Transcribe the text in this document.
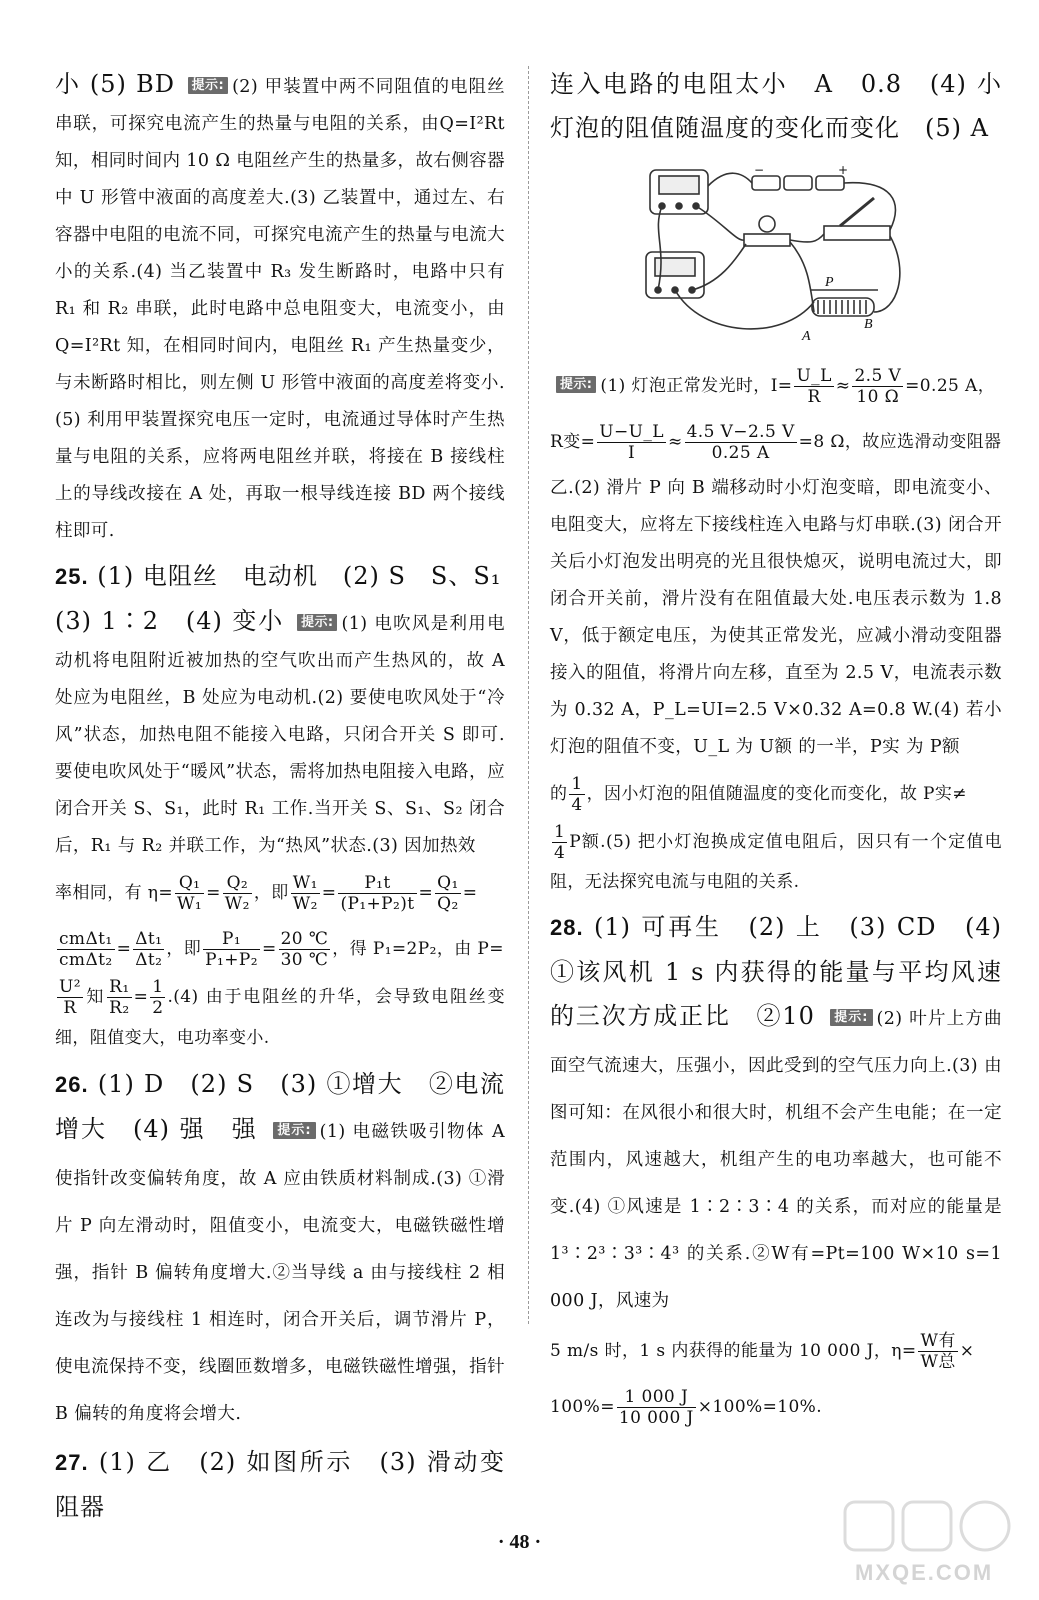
小 (5) BD 提示: (2) 甲装置中两不同阻值的电阻丝串联，可探究电流产生的热量与电阻的关系，由Q=I²Rt 知，相同时间内 10 Ω 电阻丝产生的热量多，故右侧容器中 U 形管中液面的高度差大.(3) 乙装置中，通过左、右容器中电阻的电流不同，可探究电流产生的热量与电流大小的关系.(4) 当乙装置中 R₃ 发生断路时，电路中只有 R₁ 和 R₂ 串联，此时电路中总电阻变大，电流变小，由 Q=I²Rt 知，在相同时间内，电阻丝 R₁ 产生热量变少，与未断路时相比，则左侧 U 形管中液面的高度差将变小.(5) 利用甲装置探究电压一定时，电流通过导体时产生热量与电阻的关系，应将两电阻丝并联，将接在 B 接线柱上的导线改接在 A 处，再取一根导线连接 BD 两个接线柱即可.

25. (1) 电阻丝　电动机　(2) S　S、S₁

(3) 1∶2　(4) 变小 提示: (1) 电吹风是利用电动机将电阻附近被加热的空气吹出而产生热风的，故 A 处应为电阻丝，B 处应为电动机.(2) 要使电吹风处于“冷风”状态，加热电阻不能接入电路，只闭合开关 S 即可.要使电吹风处于“暖风”状态，需将加热电阻接入电路，应闭合开关 S、S₁，此时 R₁ 工作.当开关 S、S₁、S₂ 闭合后，R₁ 与 R₂ 并联工作，为“热风”状态.(3) 因加热效

率相同，有 $\eta= \frac{\text{Q₁}}{\text{W₁}} = \frac{\text{Q₂}}{\text{W₂}}$ ，即 $\frac{\text{W₁}}{\text{W₂}} = \frac{\text{P₁t}}{\text{(P₁+P₂)t}} = \frac{\text{Q₁}}{\text{Q₂}}$ =

$\frac{\text{cmΔt₁}}{\text{cmΔt₂}} = \frac{\text{Δt₁}}{\text{Δt₂}}$ ，即 $\frac{\text{P₁}}{\text{P₁+P₂}} = \frac{20 ℃}{30 ℃}$ ，得 P₁=2P₂，由 P=

$\frac{\text{U²}}{R}$ 知 $\frac{\text{R₁}}{\text{R₂}} = \frac{1}{2} .(4)$ 由于电阻丝的升华，会导致电阻丝变细，阻值变大，电功率变小.

26. (1) D　(2) S　(3) ①增大　②电流　增大　(4) 强　强 提示: (1) 电磁铁吸引物体 A 使指针改变偏转角度，故 A 应由铁质材料制成.(3) ①滑片 P 向左滑动时，阻值变小，电流变大，电磁铁磁性增强，指针 B 偏转角度增大.②当导线 a 由与接线柱 2 相连改为与接线柱 1 相连时，闭合开关后，调节滑片 P，使电流保持不变，线圈匝数增多，电磁铁磁性增强，指针 B 偏转的角度将会增大.

27. (1) 乙　(2) 如图所示　(3) 滑动变阻器

连入电路的电阻太小　A　0.8　(4) 小灯泡的阻值随温度的变化而变化　(5) A

P
A
B
−	+

提示: (1) 灯泡正常发光时，$I= \frac{U\_L}{R} \approx \frac{2.5 V}{10 \Omega} =0.25$ A，

R变= $\frac{U-U\_L}{I} \approx \frac{4.5 V-2.5 V}{0.25 A} =8$ Ω，故应选滑动变阻器

乙.(2) 滑片 P 向 B 端移动时小灯泡变暗，即电流变小、电阻变大，应将左下接线柱连入电路与灯串联.(3) 闭合开关后小灯泡发出明亮的光且很快熄灭，说明电流过大，即闭合开关前，滑片没有在阻值最大处.电压表示数为 1.8 V，低于额定电压，为使其正常发光，应减小滑动变阻器接入的阻值，将滑片向左移，直至为 2.5 V，电流表示数为 0.32 A，P_L=UI=2.5 V×0.32 A=0.8 W.(4) 若小灯泡的阻值不变，U_L 为 U额 的一半，P实 为 P额

的 $\frac{1}{4}$ ，因小灯泡的阻值随温度的变化而变化，故 P实≠

$\frac{1}{4}$ P额.(5) 把小灯泡换成定值电阻后，因只有一个定值电阻，无法探究电流与电阻的关系.

28. (1) 可再生　(2) 上　(3) CD　(4) ①该风机 1 s 内获得的能量与平均风速的三次方成正比　②10 提示: (2) 叶片上方曲面空气流速大，压强小，因此受到的空气压力向上.(3) 由图可知：在风很小和很大时，机组不会产生电能；在一定范围内，风速越大，机组产生的电功率越大，也可能不变.(4) ①风速是 1∶2∶3∶4 的关系，而对应的能量是 1³∶2³∶3³∶4³ 的关系.②W有=Pt=100 W×10 s=1 000 J，风速为

5 m/s 时，1 s 内获得的能量为 10 000 J，$\eta= \frac{\text{W有}}{\text{W总}}$ ×

$100\%= \frac{1 000 J}{10 000 J} \times 100\%=10\%$.

· 48 ·
MXQE.COM
